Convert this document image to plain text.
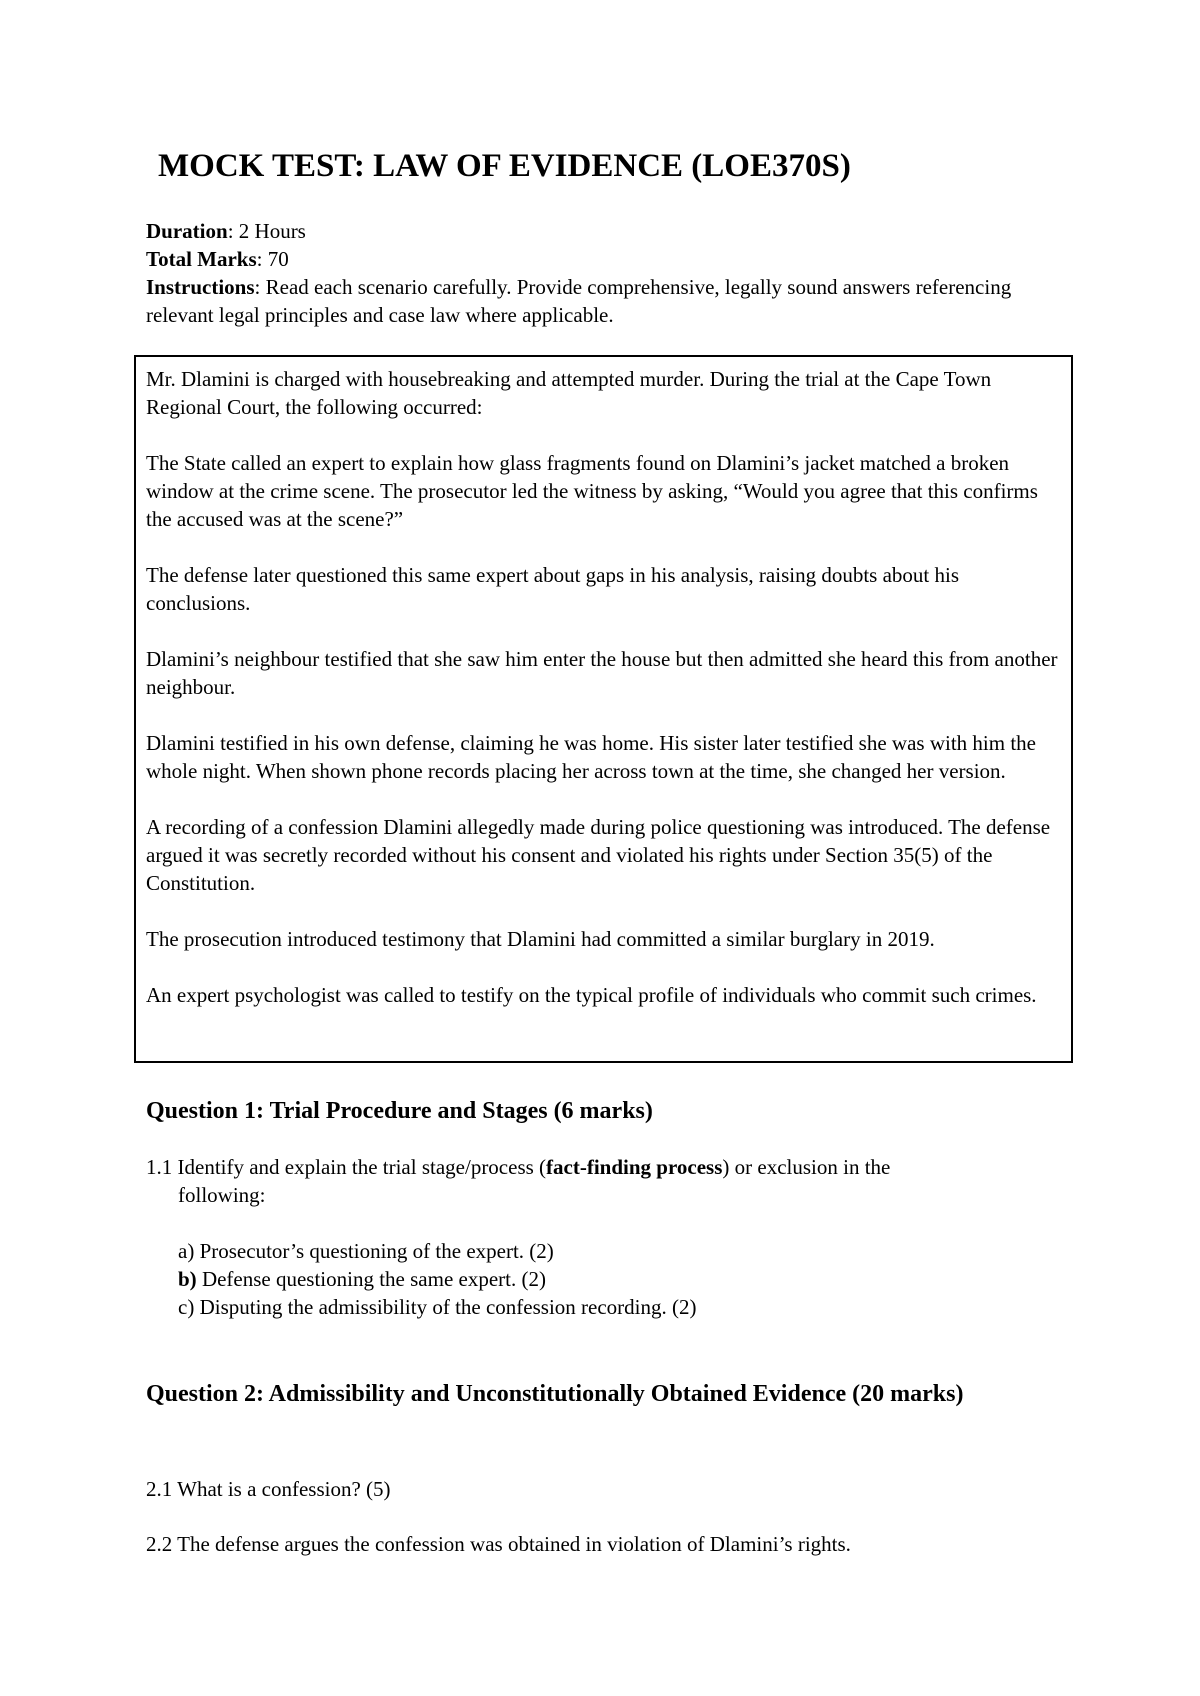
MOCK TEST: LAW OF EVIDENCE (LOE370S)

Duration: 2 Hours

Total Marks: 70

Instructions: Read each scenario carefully. Provide comprehensive, legally sound answers referencing relevant legal principles and case law where applicable.

Mr. Dlamini is charged with housebreaking and attempted murder. During the trial at the Cape Town Regional Court, the following occurred:

The State called an expert to explain how glass fragments found on Dlamini’s jacket matched a broken window at the crime scene. The prosecutor led the witness by asking, “Would you agree that this confirms the accused was at the scene?”

The defense later questioned this same expert about gaps in his analysis, raising doubts about his conclusions.

Dlamini’s neighbour testified that she saw him enter the house but then admitted she heard this from another neighbour.

Dlamini testified in his own defense, claiming he was home. His sister later testified she was with him the whole night. When shown phone records placing her across town at the time, she changed her version.

A recording of a confession Dlamini allegedly made during police questioning was introduced. The defense argued it was secretly recorded without his consent and violated his rights under Section 35(5) of the Constitution.

The prosecution introduced testimony that Dlamini had committed a similar burglary in 2019.

An expert psychologist was called to testify on the typical profile of individuals who commit such crimes.

Question 1: Trial Procedure and Stages (6 marks)
1.1 Identify and explain the trial stage/process (fact-finding process) or exclusion in the
following:
a) Prosecutor’s questioning of the expert. (2)
b) Defense questioning the same expert. (2)
c) Disputing the admissibility of the confession recording. (2)
Question 2: Admissibility and Unconstitutionally Obtained Evidence (20 marks)
2.1 What is a confession? (5)
2.2 The defense argues the confession was obtained in violation of Dlamini’s rights.
